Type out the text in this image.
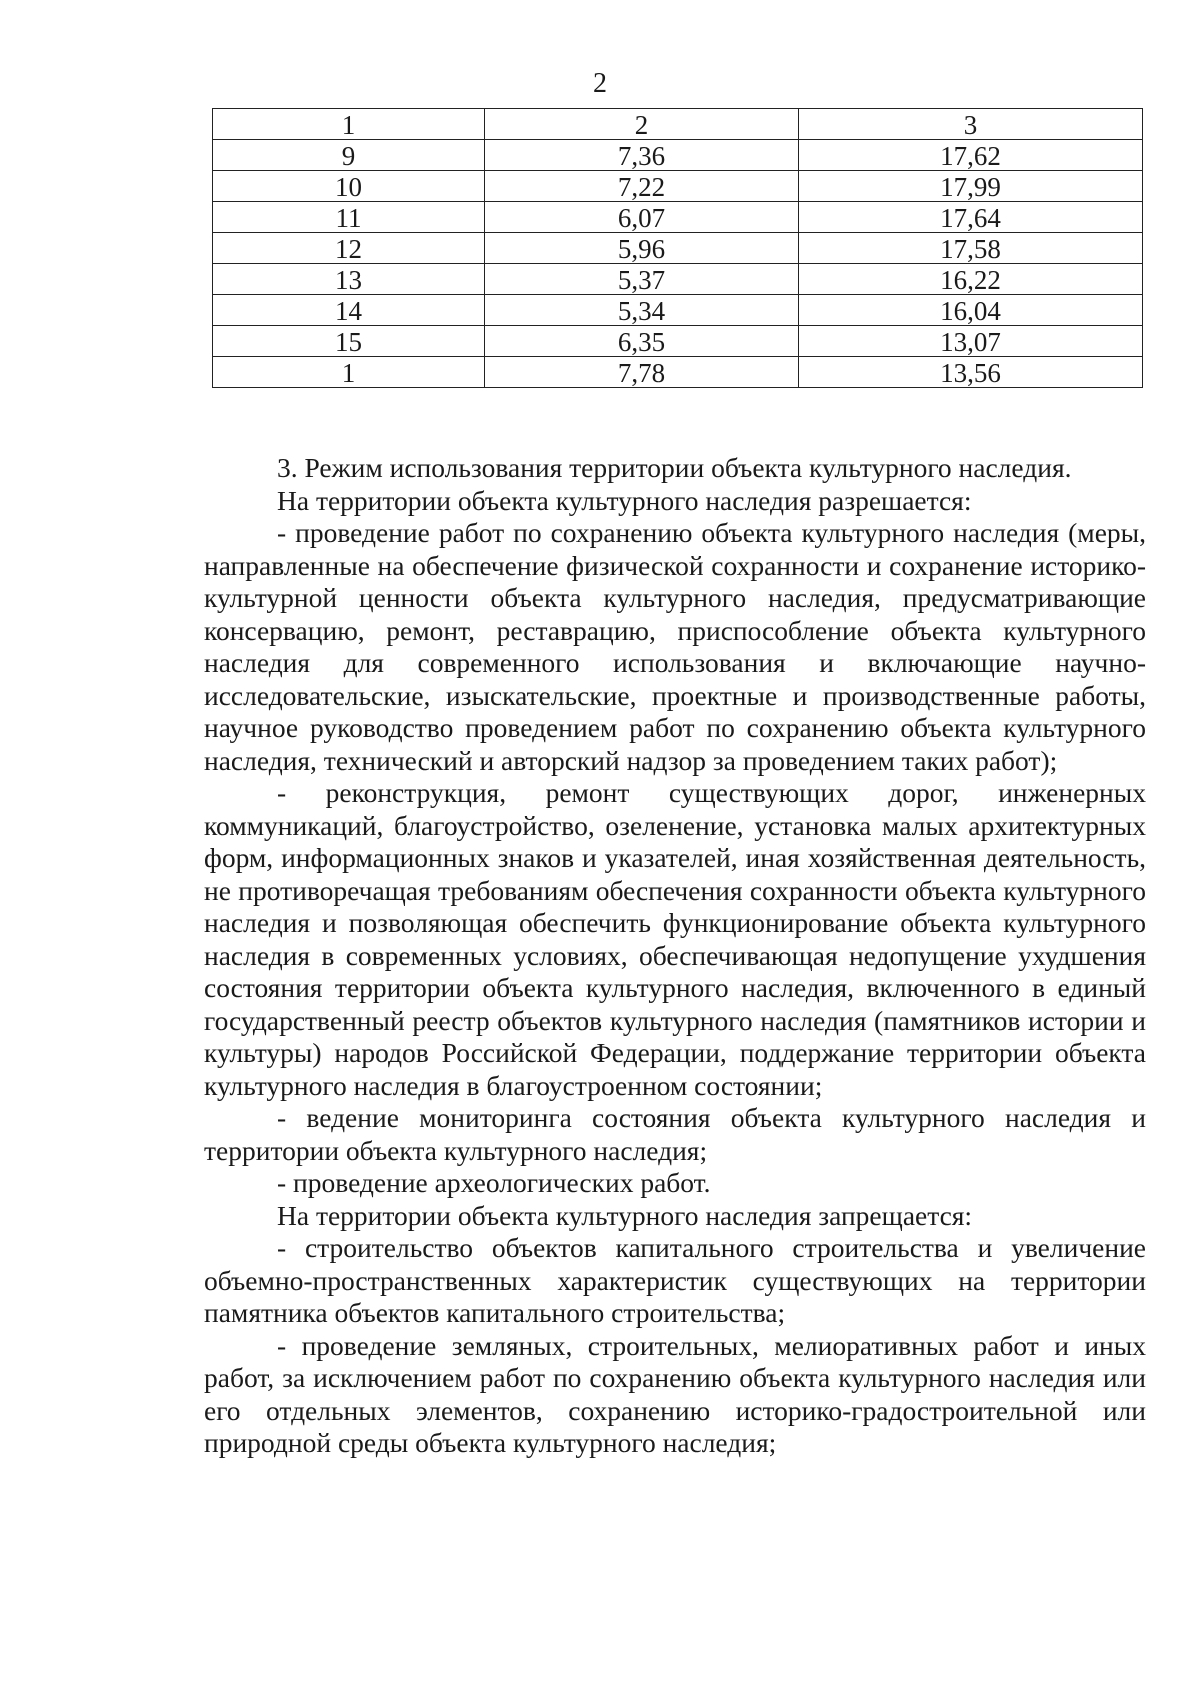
2
1	2	3
9	7,36	17,62
10	7,22	17,99
11	6,07	17,64
12	5,96	17,58
13	5,37	16,22
14	5,34	16,04
15	6,35	13,07
1	7,78	13,56

3. Режим использования территории объекта культурного наследия.

На территории объекта культурного наследия разрешается:

- проведение работ по сохранению объекта культурного наследия (меры, направленные на обеспечение физической сохранности и сохранение историко-культурной ценности объекта культурного наследия, предусматривающие консервацию, ремонт, реставрацию, приспособление объекта культурного наследия для современного использования и включающие научно-исследовательские, изыскательские, проектные и производственные работы, научное руководство проведением работ по сохранению объекта культурного наследия, технический и авторский надзор за проведением таких работ);

- реконструкция, ремонт существующих дорог, инженерных коммуникаций, благоустройство, озеленение, установка малых архитектурных форм, информационных знаков и указателей, иная хозяйственная деятельность, не противоречащая требованиям обеспечения сохранности объекта культурного наследия и позволяющая обеспечить функционирование объекта культурного наследия в современных условиях, обеспечивающая недопущение ухудшения состояния территории объекта культурного наследия, включенного в единый государственный реестр объектов культурного наследия (памятников истории и культуры) народов Российской Федерации, поддержание территории объекта культурного наследия в благоустроенном состоянии;

- ведение мониторинга состояния объекта культурного наследия и территории объекта культурного наследия;

- проведение археологических работ.

На территории объекта культурного наследия запрещается:

- строительство объектов капитального строительства и увеличение объемно-пространственных характеристик существующих на территории памятника объектов капитального строительства;

- проведение земляных, строительных, мелиоративных работ и иных работ, за исключением работ по сохранению объекта культурного наследия или его отдельных элементов, сохранению историко-градостроительной или природной среды объекта культурного наследия;
